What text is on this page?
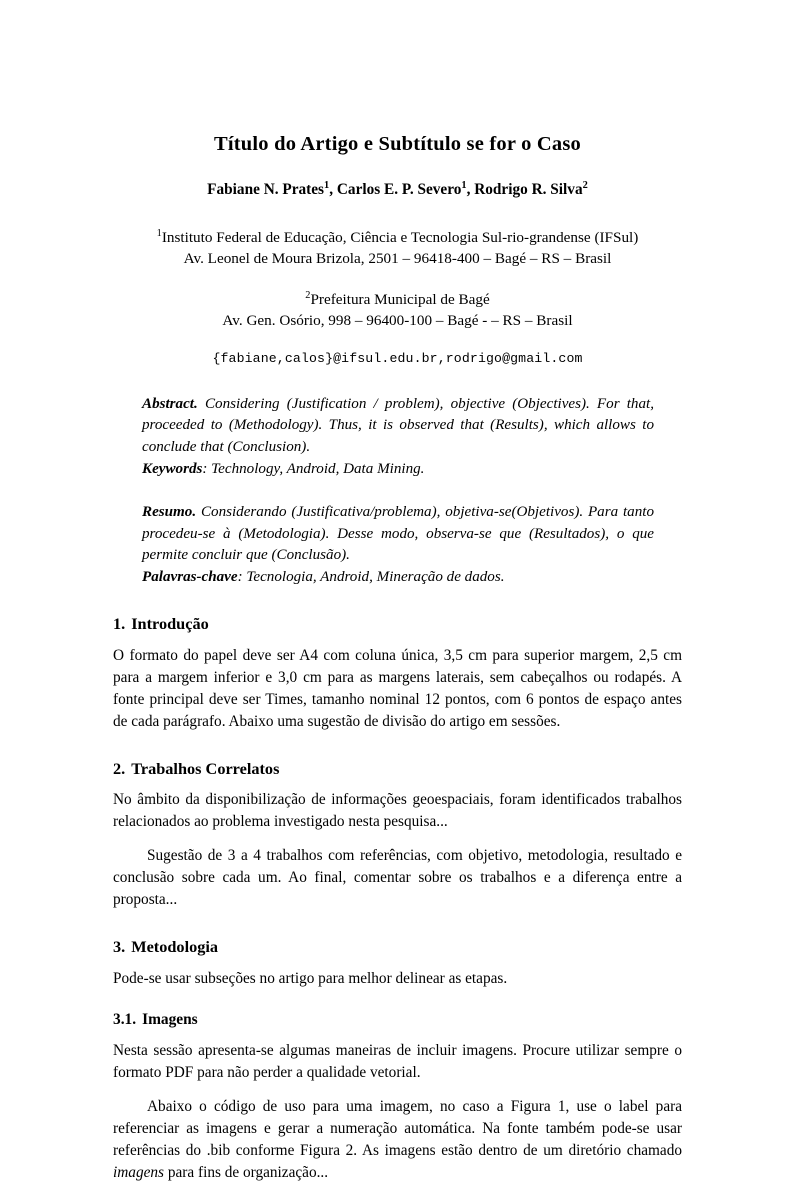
Título do Artigo e Subtítulo se for o Caso
Fabiane N. Prates$^1$, Carlos E. P. Severo$^1$, Rodrigo R. Silva$^2$
$^1$Instituto Federal de Educação, Ciência e Tecnologia Sul-rio-grandense (IFSul)
Av. Leonel de Moura Brizola, 2501 – 96418-400 – Bagé – RS – Brasil
$^2$Prefeitura Municipal de Bagé
Av. Gen. Osório, 998 – 96400-100 – Bagé - – RS – Brasil
{fabiane,calos}@ifsul.edu.br,rodrigo@gmail.com

Abstract. Considering (Justification / problem), objective (Objectives). For that, proceeded to (Methodology). Thus, it is observed that (Results), which allows to conclude that (Conclusion).

Keywords: Technology, Android, Data Mining.

Resumo. Considerando (Justificativa/problema), objetiva-se(Objetivos). Para tanto procedeu-se à (Metodologia). Desse modo, observa-se que (Resultados), o que permite concluir que (Conclusão).

Palavras-chave: Tecnologia, Android, Mineração de dados.

1. Introdução

O formato do papel deve ser A4 com coluna única, 3,5 cm para superior margem, 2,5 cm para a margem inferior e 3,0 cm para as margens laterais, sem cabeçalhos ou rodapés. A fonte principal deve ser Times, tamanho nominal 12 pontos, com 6 pontos de espaço antes de cada parágrafo. Abaixo uma sugestão de divisão do artigo em sessões.

2. Trabalhos Correlatos

No âmbito da disponibilização de informações geoespaciais, foram identificados trabalhos relacionados ao problema investigado nesta pesquisa...

Sugestão de 3 a 4 trabalhos com referências, com objetivo, metodologia, resultado e conclusão sobre cada um. Ao final, comentar sobre os trabalhos e a diferença entre a proposta...

3. Metodologia

Pode-se usar subseções no artigo para melhor delinear as etapas.

3.1. Imagens

Nesta sessão apresenta-se algumas maneiras de incluir imagens. Procure utilizar sempre o formato PDF para não perder a qualidade vetorial.

Abaixo o código de uso para uma imagem, no caso a Figura 1, use o label para referenciar as imagens e gerar a numeração automática. Na fonte também pode-se usar referências do .bib conforme Figura 2. As imagens estão dentro de um diretório chamado imagens para fins de organização...
